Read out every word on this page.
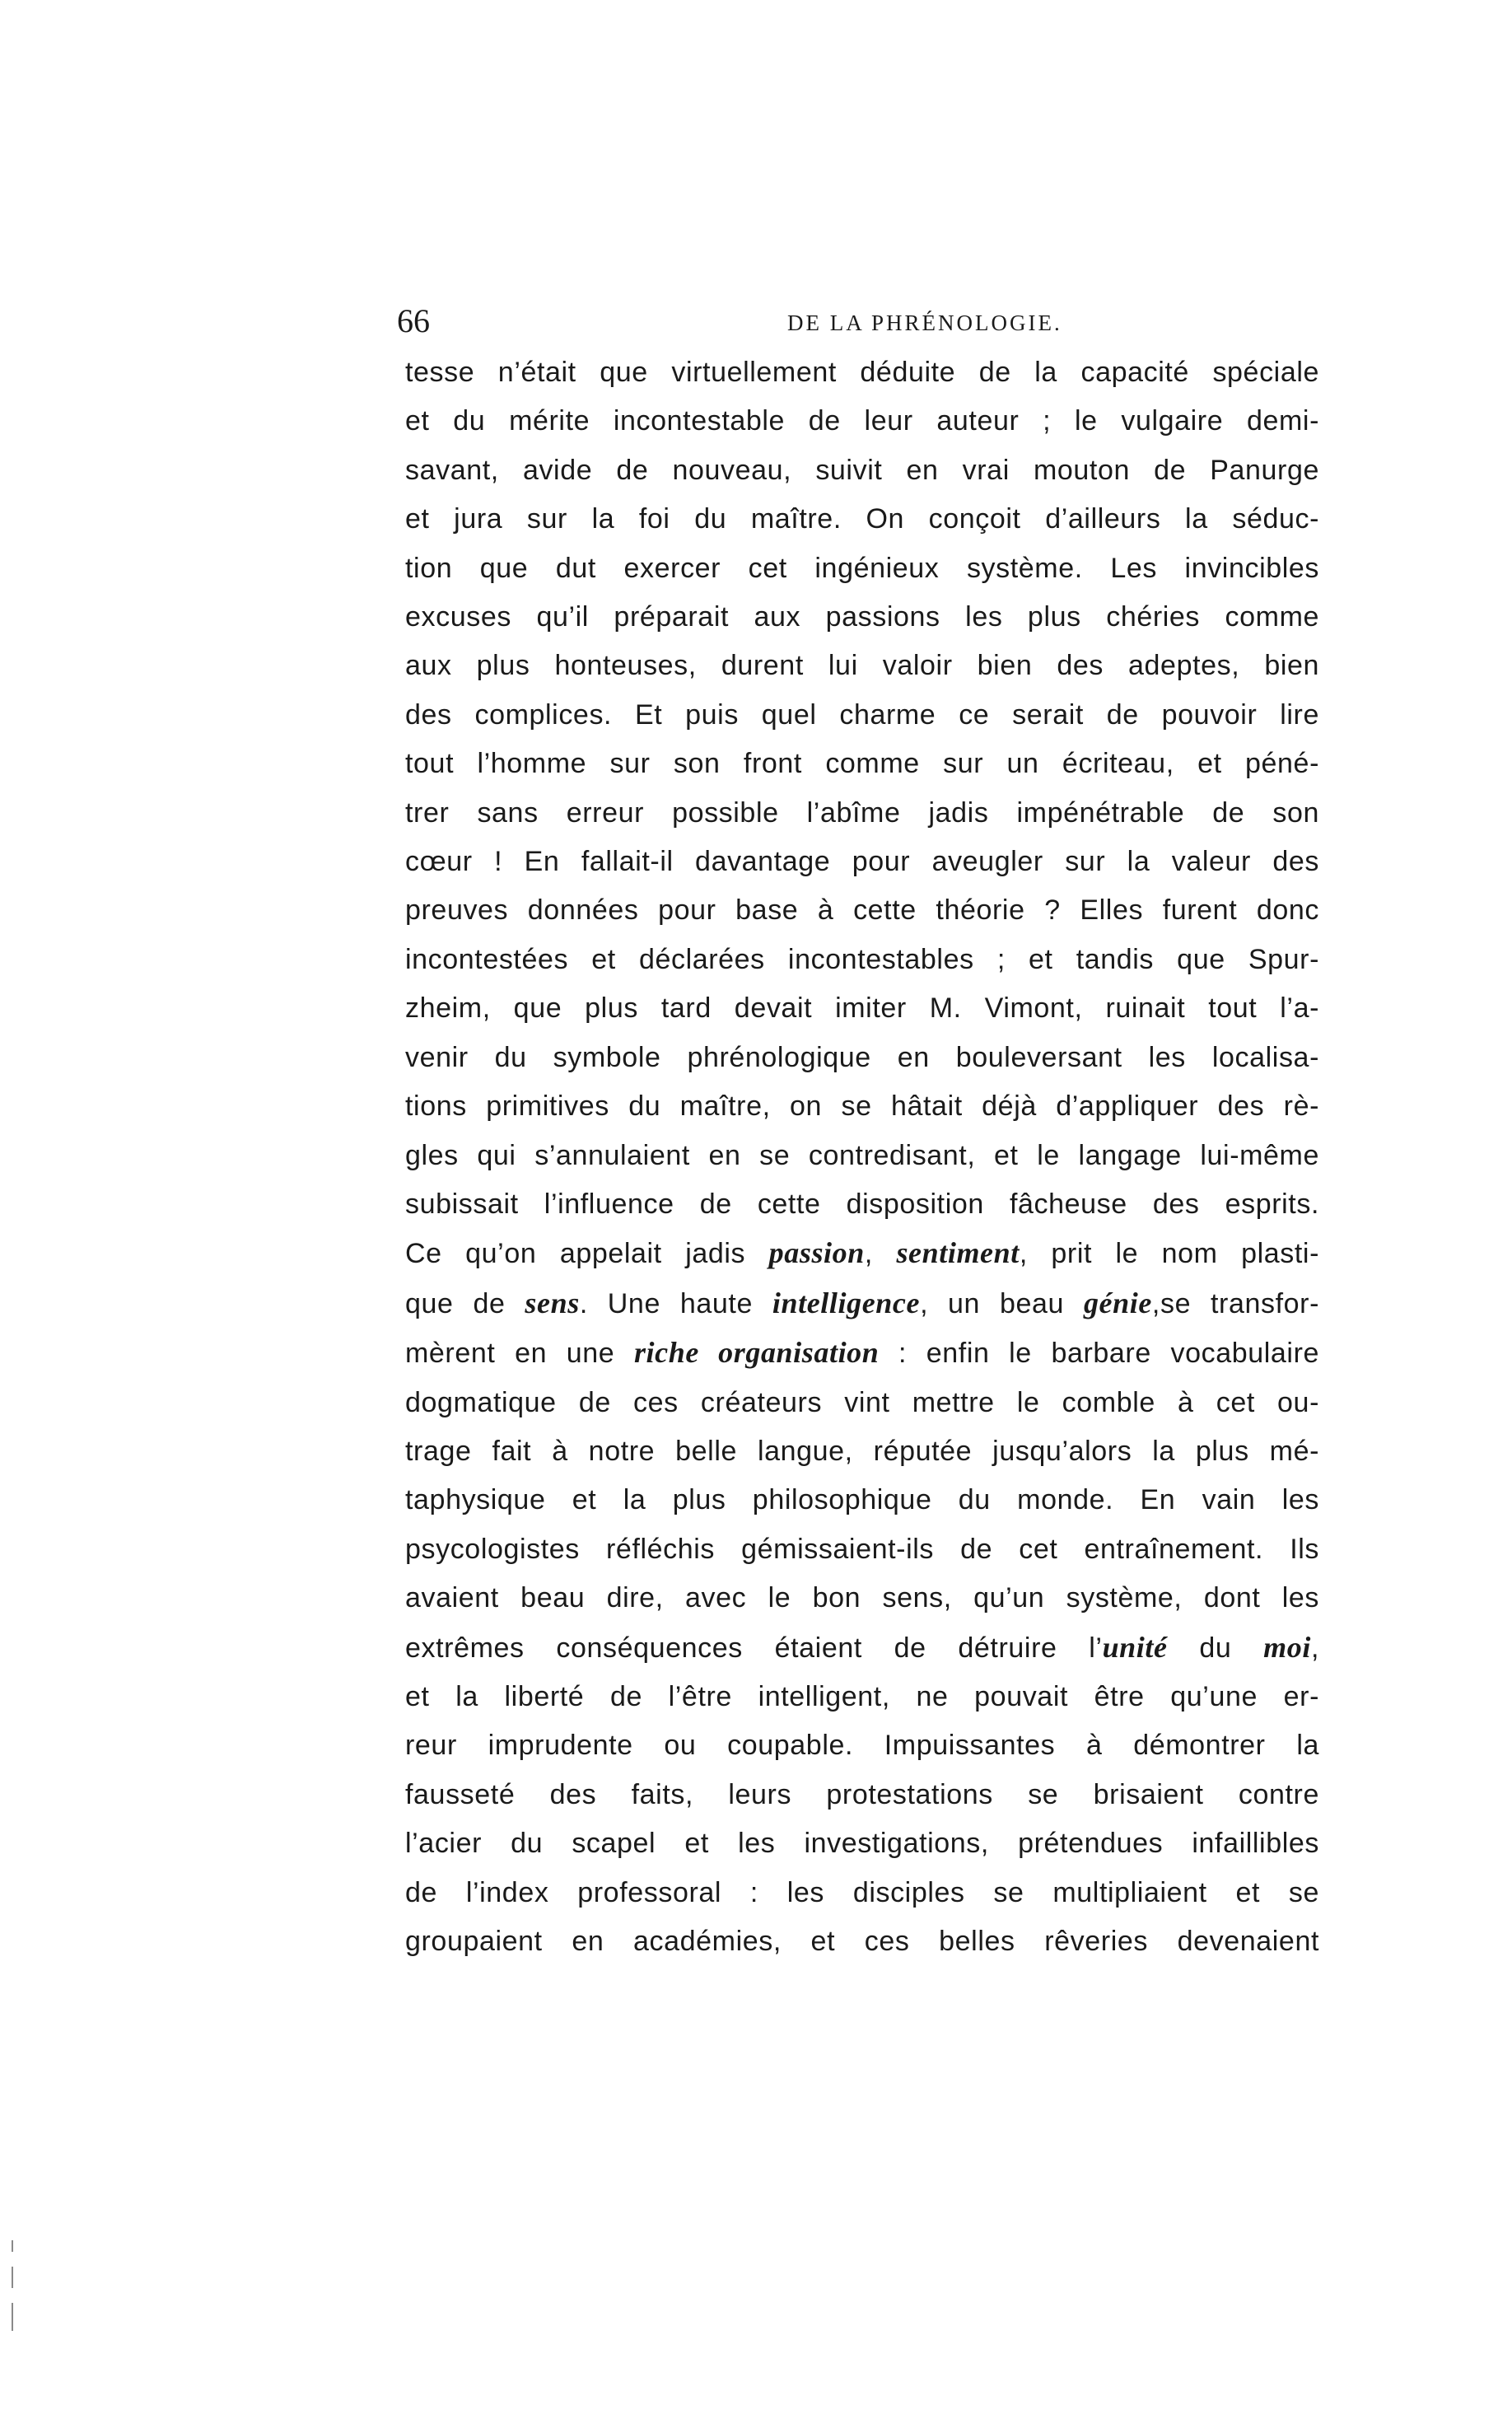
66	DE LA PHRÉNOLOGIE.
tesse n’était que virtuellement déduite de la capacité spéciale
et du mérite incontestable de leur auteur ; le vulgaire demi-
savant, avide de nouveau, suivit en vrai mouton de Panurge
et jura sur la foi du maître. On conçoit d’ailleurs la séduc-
tion que dut exercer cet ingénieux système. Les invincibles
excuses qu’il préparait aux passions les plus chéries comme
aux plus honteuses, durent lui valoir bien des adeptes, bien
des complices. Et puis quel charme ce serait de pouvoir lire
tout l’homme sur son front comme sur un écriteau, et péné-
trer sans erreur possible l’abîme jadis impénétrable de son
cœur ! En fallait-il davantage pour aveugler sur la valeur des
preuves données pour base à cette théorie ? Elles furent donc
incontestées et déclarées incontestables ; et tandis que Spur-
zheim, que plus tard devait imiter M. Vimont, ruinait tout l’a-
venir du symbole phrénologique en bouleversant les localisa-
tions primitives du maître, on se hâtait déjà d’appliquer des rè-
gles qui s’annulaient en se contredisant, et le langage lui-même
subissait l’influence de cette disposition fâcheuse des esprits.
Ce qu’on appelait jadis passion, sentiment, prit le nom plasti-
que de sens. Une haute intelligence, un beau génie,se transfor-
mèrent en une riche organisation : enfin le barbare vocabulaire
dogmatique de ces créateurs vint mettre le comble à cet ou-
trage fait à notre belle langue, réputée jusqu’alors la plus mé-
taphysique et la plus philosophique du monde. En vain les
psycologistes réfléchis gémissaient-ils de cet entraînement. Ils
avaient beau dire, avec le bon sens, qu’un système, dont les
extrêmes conséquences étaient de détruire l’unité du moi,
et la liberté de l’être intelligent, ne pouvait être qu’une er-
reur imprudente ou coupable. Impuissantes à démontrer la
fausseté des faits, leurs protestations se brisaient contre
l’acier du scapel et les investigations, prétendues infaillibles
de l’index professoral : les disciples se multipliaient et se
groupaient en académies, et ces belles rêveries devenaient
